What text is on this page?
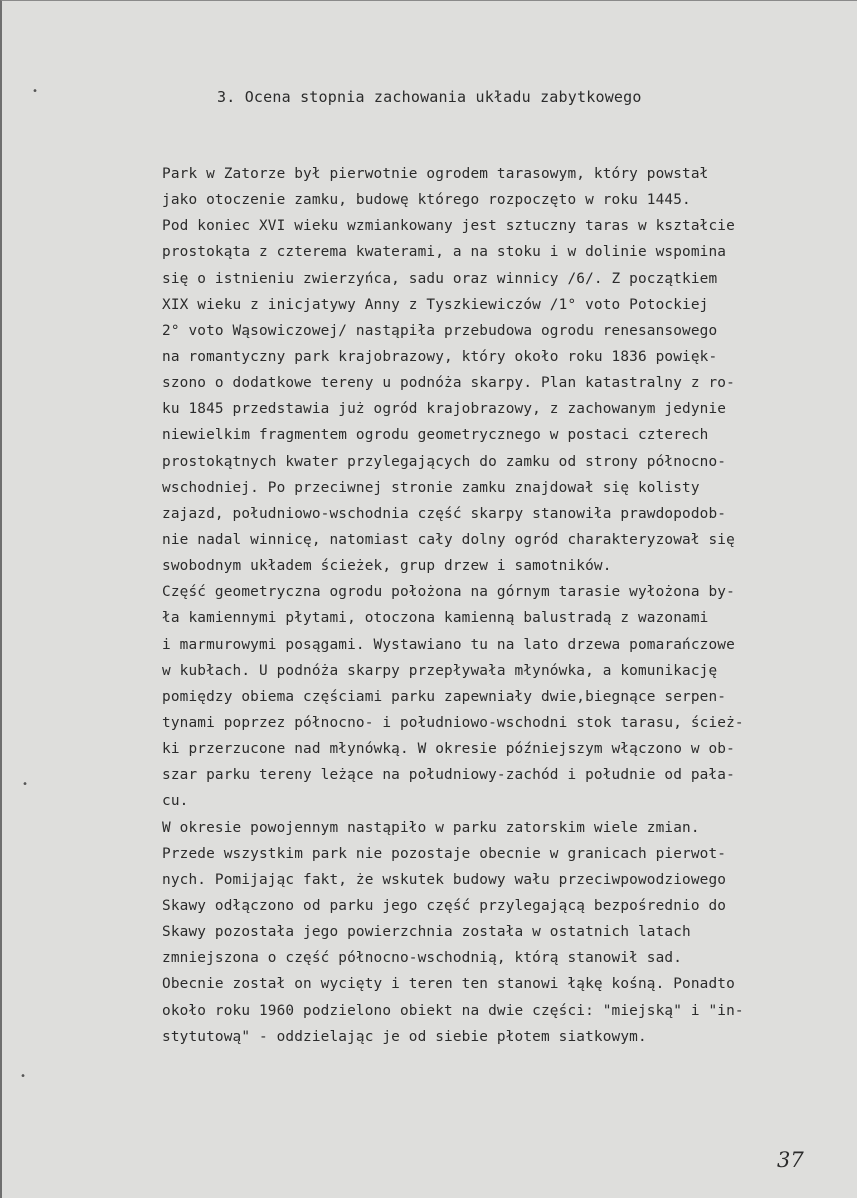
•
•
•
3. Ocena stopnia zachowania układu zabytkowego
Park w Zatorze był pierwotnie ogrodem tarasowym, który powstał
jako otoczenie zamku, budowę którego rozpoczęto w roku 1445.
Pod koniec XVI wieku wzmiankowany jest sztuczny taras w kształcie
prostokąta z czterema kwaterami, a na stoku i w dolinie wspomina
się o istnieniu zwierzyńca, sadu oraz winnicy /6/. Z początkiem
XIX wieku z inicjatywy Anny z Tyszkiewiczów /1° voto Potockiej
2° voto Wąsowiczowej/ nastąpiła przebudowa ogrodu renesansowego
na romantyczny park krajobrazowy, który około roku 1836 powięk-
szono o dodatkowe tereny u podnóża skarpy. Plan katastralny z ro-
ku 1845 przedstawia już ogród krajobrazowy, z zachowanym jedynie
niewielkim fragmentem ogrodu geometrycznego w postaci czterech
prostokątnych kwater przylegających do zamku od strony północno-
wschodniej. Po przeciwnej stronie zamku znajdował się kolisty
zajazd, południowo-wschodnia część skarpy stanowiła prawdopodob-
nie nadal winnicę, natomiast cały dolny ogród charakteryzował się
swobodnym układem ścieżek, grup drzew i samotników.
Część geometryczna ogrodu położona na górnym tarasie wyłożona by-
ła kamiennymi płytami, otoczona kamienną balustradą z wazonami
i marmurowymi posągami. Wystawiano tu na lato drzewa pomarańczowe
w kubłach. U podnóża skarpy przepływała młynówka, a komunikację
pomiędzy obiema częściami parku zapewniały dwie,biegnące serpen-
tynami poprzez północno- i południowo-wschodni stok tarasu, ścież-
ki przerzucone nad młynówką. W okresie późniejszym włączono w ob-
szar parku tereny leżące na południowy-zachód i południe od pała-
cu.
W okresie powojennym nastąpiło w parku zatorskim wiele zmian.
Przede wszystkim park nie pozostaje obecnie w granicach pierwot-
nych. Pomijając fakt, że wskutek budowy wału przeciwpowodziowego
Skawy odłączono od parku jego część przylegającą bezpośrednio do
Skawy pozostała jego powierzchnia została w ostatnich latach
zmniejszona o część północno-wschodnią, którą stanowił sad.
Obecnie został on wycięty i teren ten stanowi łąkę kośną. Ponadto
około roku 1960 podzielono obiekt na dwie części: "miejską" i "in-
stytutową" - oddzielając je od siebie płotem siatkowym.
37
